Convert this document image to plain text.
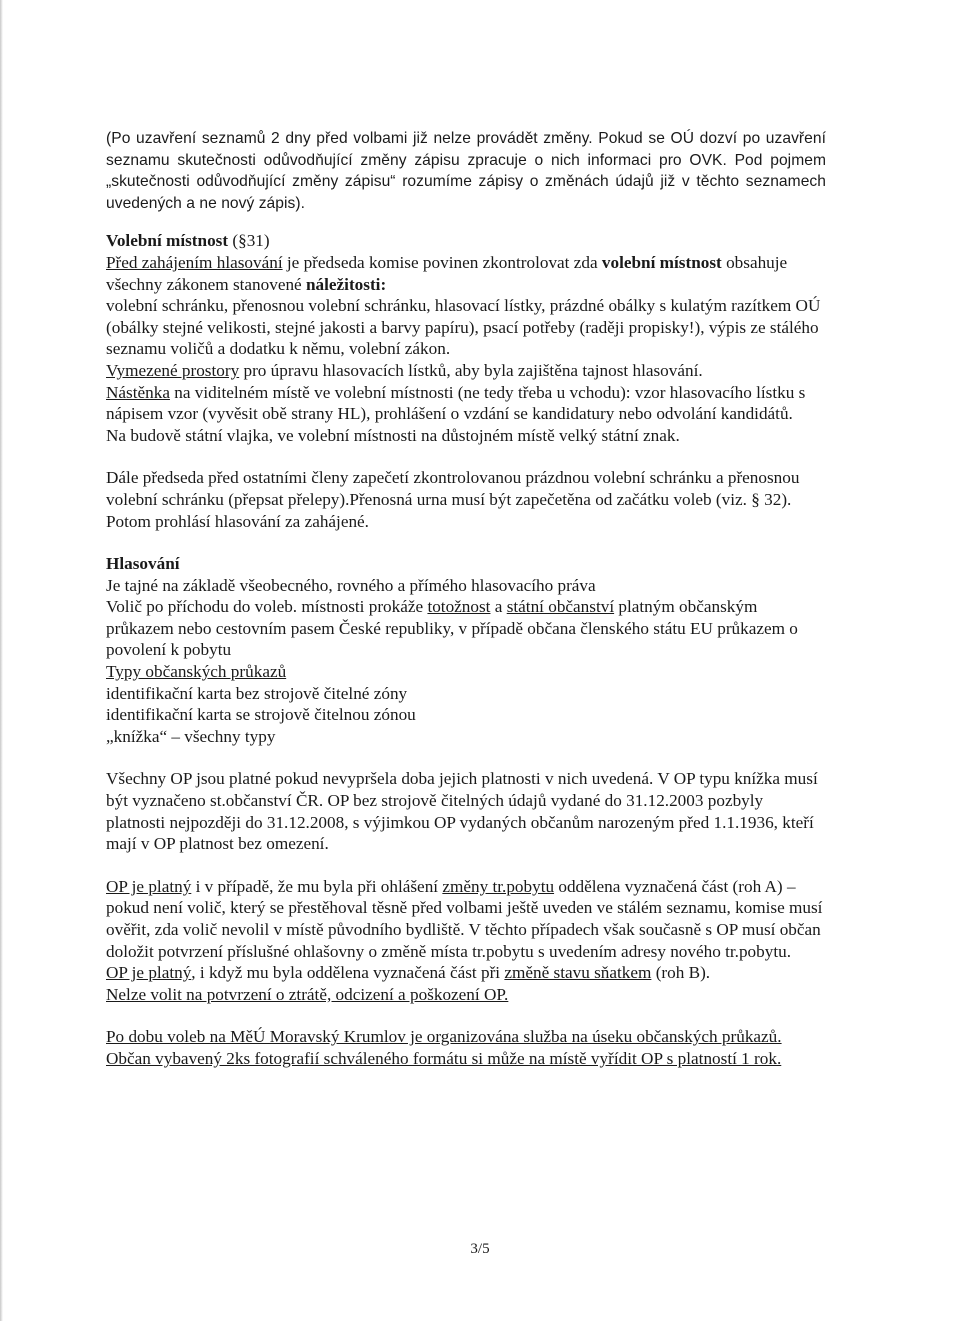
(Po uzavření seznamů 2 dny před volbami již nelze provádět změny. Pokud se OÚ dozví po uzavření seznamu skutečnosti odůvodňující změny zápisu zpracuje o nich informaci pro OVK. Pod pojmem „skutečnosti odůvodňující změny zápisu“ rozumíme zápisy o změnách údajů již v těchto seznamech uvedených a ne nový zápis).

Volební místnost (§31)

Před zahájením hlasování je předseda komise povinen zkontrolovat zda volební místnost obsahuje všechny zákonem stanovené náležitosti:

volební schránku, přenosnou volební schránku, hlasovací lístky, prázdné obálky s kulatým razítkem OÚ (obálky stejné velikosti, stejné jakosti a barvy papíru), psací potřeby (raději propisky!), výpis ze stálého seznamu voličů a dodatku k němu, volební zákon.

Vymezené prostory pro úpravu hlasovacích lístků, aby byla zajištěna tajnost hlasování.

Nástěnka na viditelném místě ve volební místnosti (ne tedy třeba u vchodu): vzor hlasovacího lístku s nápisem vzor (vyvěsit obě strany HL), prohlášení o vzdání se kandidatury nebo odvolání kandidátů.

Na budově státní vlajka, ve volební místnosti na důstojném místě velký státní znak.

Dále předseda před ostatními členy zapečetí zkontrolovanou prázdnou volební schránku a přenosnou volební schránku (přepsat přelepy).Přenosná urna musí být zapečetěna od začátku voleb (viz. § 32).

Potom prohlásí hlasování za zahájené.

Hlasování

Je tajné na základě všeobecného, rovného a přímého hlasovacího práva

Volič po příchodu do voleb. místnosti prokáže totožnost a státní občanství platným občanským průkazem nebo cestovním pasem České republiky, v případě občana členského státu EU průkazem o povolení k pobytu

Typy občanských průkazů

identifikační karta bez strojově čitelné zóny

identifikační karta se strojově čitelnou zónou

„knížka“ – všechny typy

Všechny OP jsou platné pokud nevypršela doba jejich platnosti v nich uvedená. V OP typu knížka musí být vyznačeno st.občanství ČR. OP bez strojově čitelných údajů vydané do 31.12.2003 pozbyly platnosti nejpozději do 31.12.2008, s výjimkou OP vydaných občanům narozeným před 1.1.1936, kteří mají v OP platnost bez omezení.

OP je platný i v případě, že mu byla při ohlášení změny tr.pobytu oddělena vyznačená část (roh A) – pokud není volič, který se přestěhoval těsně před volbami ještě uveden ve stálém seznamu, komise musí ověřit, zda volič nevolil v místě původního bydliště. V těchto případech však současně s OP musí občan doložit potvrzení příslušné ohlašovny o změně místa tr.pobytu s uvedením adresy nového tr.pobytu.

OP je platný, i když mu byla oddělena vyznačená část při změně stavu sňatkem (roh B).

Nelze volit na potvrzení o ztrátě, odcizení a poškození OP.

Po dobu voleb na MěÚ Moravský Krumlov je organizována služba na úseku občanských průkazů. Občan vybavený 2ks fotografií schváleného formátu si může na místě vyřídit OP s platností 1 rok.

3/5
